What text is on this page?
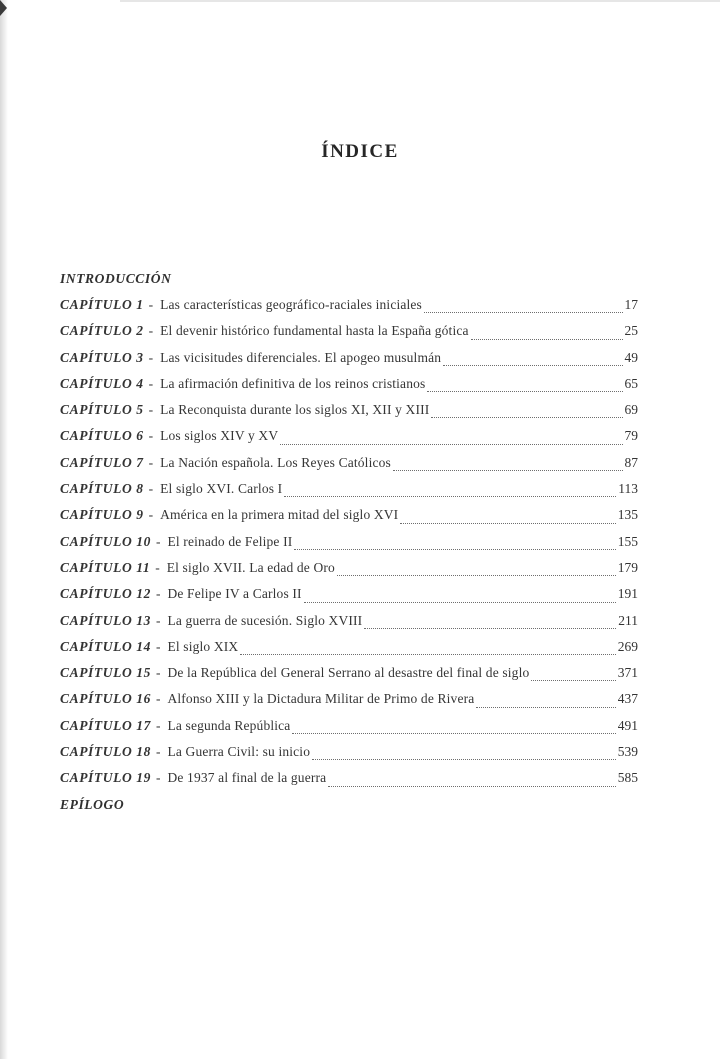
ÍNDICE
INTRODUCCIÓN
CAPÍTULO 1 - Las características geográfico-raciales iniciales	17
CAPÍTULO 2 - El devenir histórico fundamental hasta la España gótica	25
CAPÍTULO 3 - Las vicisitudes diferenciales. El apogeo musulmán	49
CAPÍTULO 4 - La afirmación definitiva de los reinos cristianos	65
CAPÍTULO 5 - La Reconquista durante los siglos XI, XII y XIII	69
CAPÍTULO 6 - Los siglos XIV y XV	79
CAPÍTULO 7 - La Nación española. Los Reyes Católicos	87
CAPÍTULO 8 - El siglo XVI. Carlos I	113
CAPÍTULO 9 - América en la primera mitad del siglo XVI	135
CAPÍTULO 10 - El reinado de Felipe II	155
CAPÍTULO 11 - El siglo XVII. La edad de Oro	179
CAPÍTULO 12 - De Felipe IV a Carlos II	191
CAPÍTULO 13 - La guerra de sucesión. Siglo XVIII	211
CAPÍTULO 14 - El siglo XIX	269
CAPÍTULO 15 - De la República del General Serrano al desastre del final de siglo	371
CAPÍTULO 16 - Alfonso XIII y la Dictadura Militar de Primo de Rivera	437
CAPÍTULO 17 - La segunda República	491
CAPÍTULO 18 - La Guerra Civil: su inicio	539
CAPÍTULO 19 - De 1937 al final de la guerra	585
EPÍLOGO
